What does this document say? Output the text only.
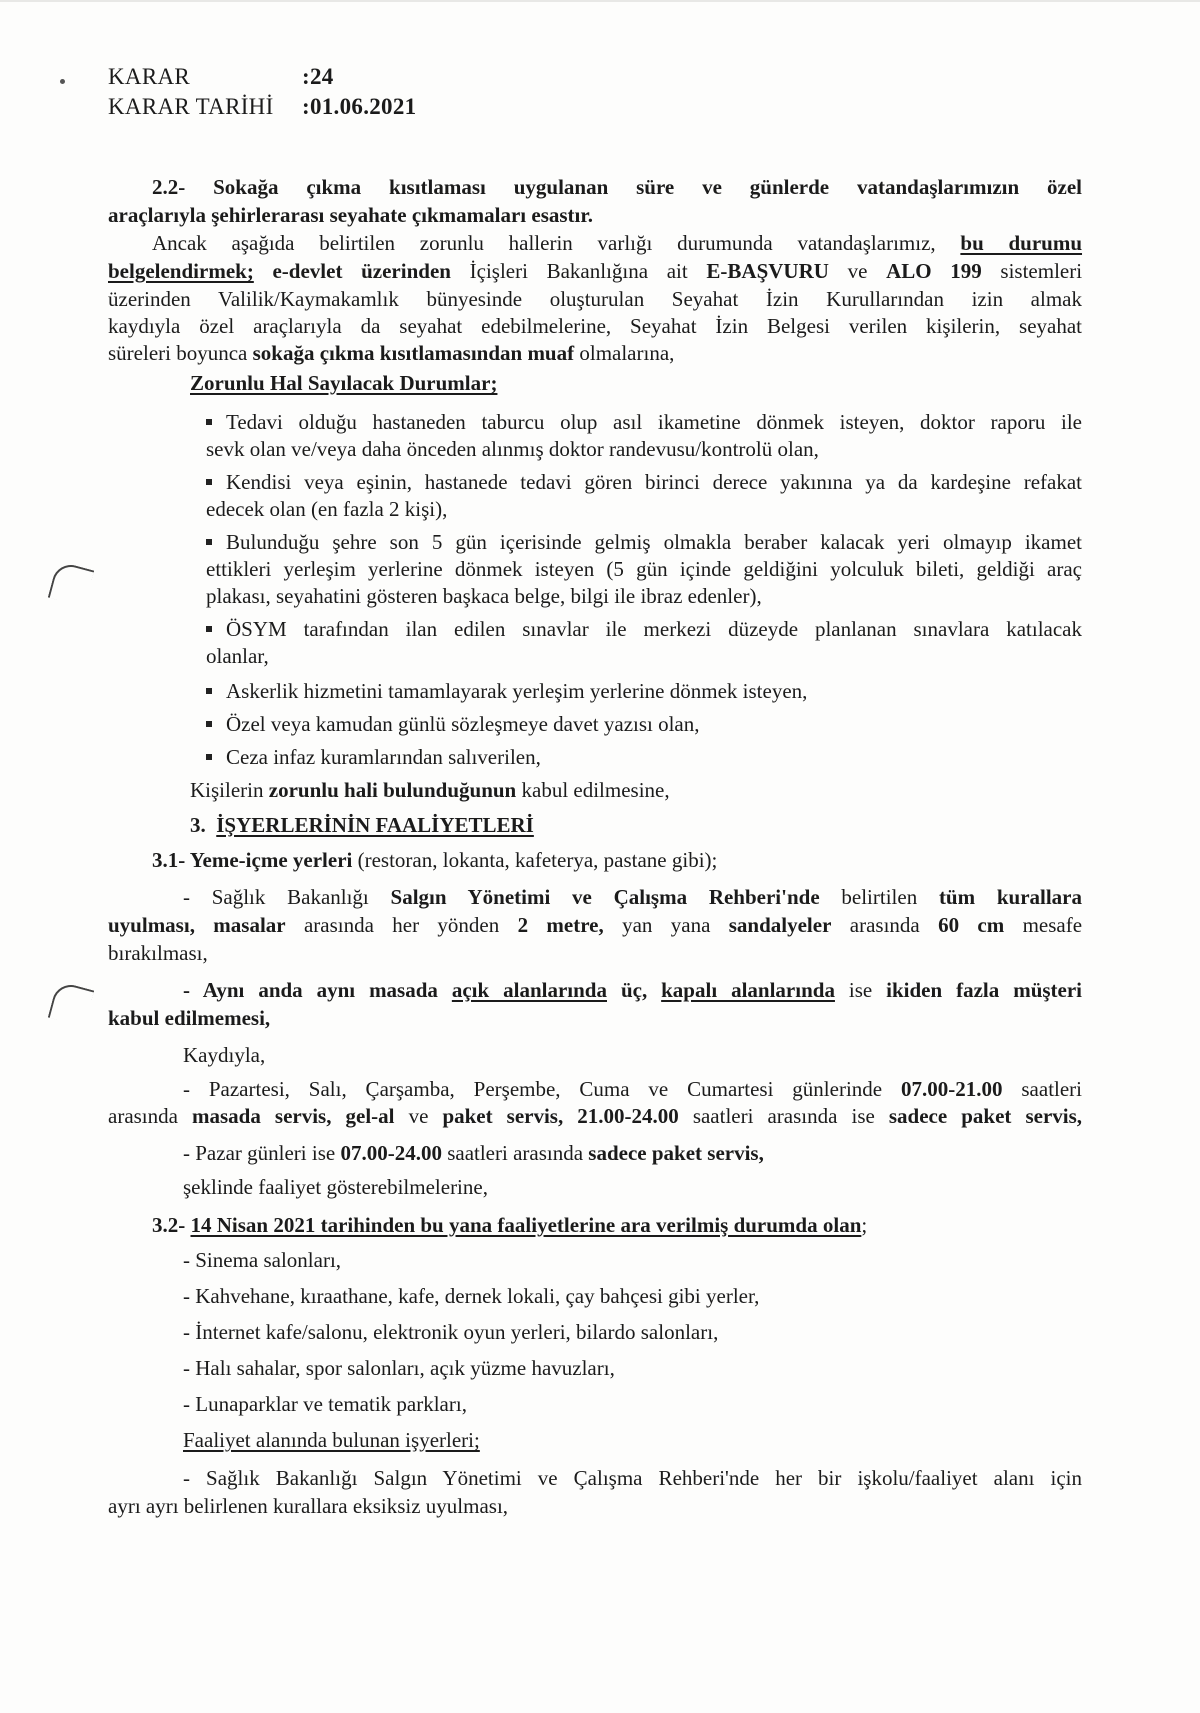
KARAR	:24
KARAR TARİHİ :01.06.2021
2.2- Sokağa çıkma kısıtlaması uygulanan süre ve günlerde vatandaşlarımızın özel
araçlarıyla şehirlerarası seyahate çıkmamaları esastır.
Ancak aşağıda belirtilen zorunlu hallerin varlığı durumunda vatandaşlarımız, bu durumu
belgelendirmek; e-devlet üzerinden İçişleri Bakanlığına ait E-BAŞVURU ve ALO 199 sistemleri
üzerinden Valilik/Kaymakamlık bünyesinde oluşturulan Seyahat İzin Kurullarından izin almak
kaydıyla özel araçlarıyla da seyahat edebilmelerine, Seyahat İzin Belgesi verilen kişilerin, seyahat
süreleri boyunca sokağa çıkma kısıtlamasından muaf olmalarına,
Zorunlu Hal Sayılacak Durumlar;
Tedavi olduğu hastaneden taburcu olup asıl ikametine dönmek isteyen, doktor raporu ile
sevk olan ve/veya daha önceden alınmış doktor randevusu/kontrolü olan,
Kendisi veya eşinin, hastanede tedavi gören birinci derece yakınına ya da kardeşine refakat
edecek olan (en fazla 2 kişi),
Bulunduğu şehre son 5 gün içerisinde gelmiş olmakla beraber kalacak yeri olmayıp ikamet
ettikleri yerleşim yerlerine dönmek isteyen (5 gün içinde geldiğini yolculuk bileti, geldiği araç
plakası, seyahatini gösteren başkaca belge, bilgi ile ibraz edenler),
ÖSYM tarafından ilan edilen sınavlar ile merkezi düzeyde planlanan sınavlara katılacak
olanlar,
Askerlik hizmetini tamamlayarak yerleşim yerlerine dönmek isteyen,
Özel veya kamudan günlü sözleşmeye davet yazısı olan,
Ceza infaz kuramlarından salıverilen,
Kişilerin zorunlu hali bulunduğunun kabul edilmesine,
3. İŞYERLERİNİN FAALİYETLERİ
3.1- Yeme-içme yerleri (restoran, lokanta, kafeterya, pastane gibi);
- Sağlık Bakanlığı Salgın Yönetimi ve Çalışma Rehberi'nde belirtilen tüm kurallara
uyulması, masalar arasında her yönden 2 metre, yan yana sandalyeler arasında 60 cm mesafe
bırakılması,
- Aynı anda aynı masada açık alanlarında üç, kapalı alanlarında ise ikiden fazla müşteri
kabul edilmemesi,
Kaydıyla,
- Pazartesi, Salı, Çarşamba, Perşembe, Cuma ve Cumartesi günlerinde 07.00-21.00 saatleri
arasında masada servis, gel-al ve paket servis, 21.00-24.00 saatleri arasında ise sadece paket servis,
- Pazar günleri ise 07.00-24.00 saatleri arasında sadece paket servis,
şeklinde faaliyet gösterebilmelerine,
3.2- 14 Nisan 2021 tarihinden bu yana faaliyetlerine ara verilmiş durumda olan;
- Sinema salonları,
- Kahvehane, kıraathane, kafe, dernek lokali, çay bahçesi gibi yerler,
- İnternet kafe/salonu, elektronik oyun yerleri, bilardo salonları,
- Halı sahalar, spor salonları, açık yüzme havuzları,
- Lunaparklar ve tematik parkları,
Faaliyet alanında bulunan işyerleri;
- Sağlık Bakanlığı Salgın Yönetimi ve Çalışma Rehberi'nde her bir işkolu/faaliyet alanı için
ayrı ayrı belirlenen kurallara eksiksiz uyulması,
